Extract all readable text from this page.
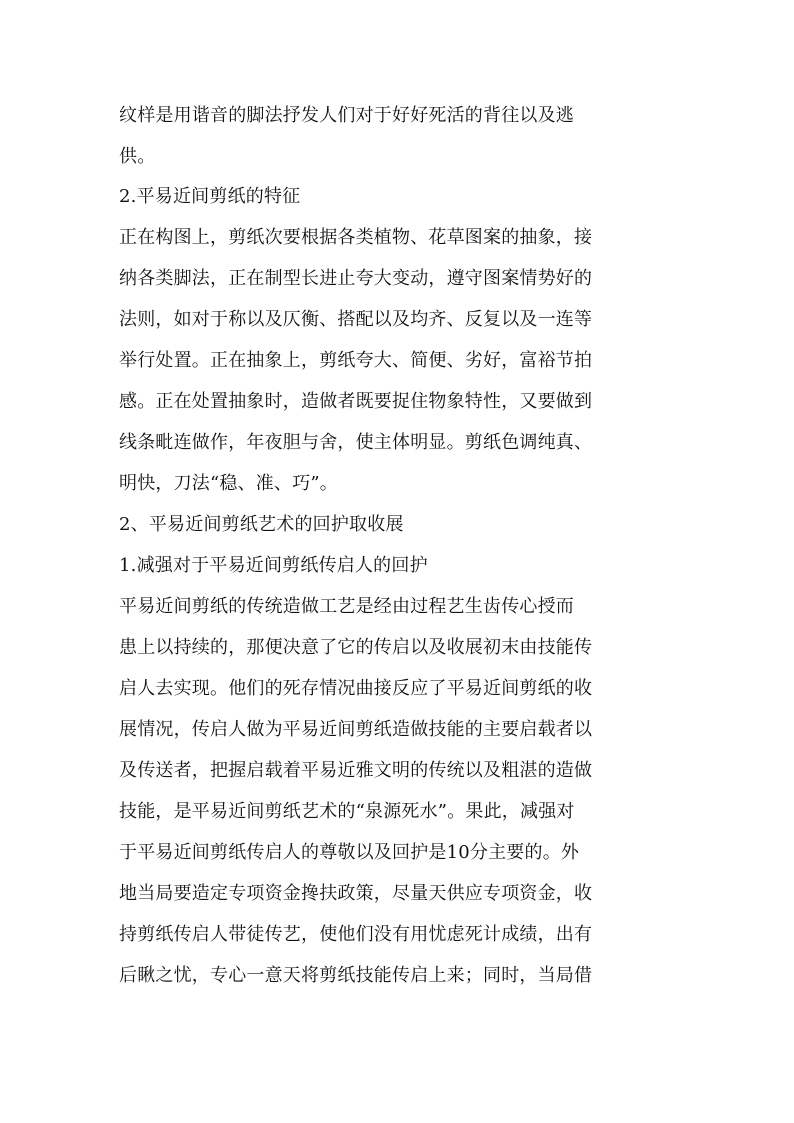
纹样是用谐音的脚法抒发人们对于好好死活的背往以及逃
供。
2.平易近间剪纸的特征
正在构图上，剪纸次要根据各类植物、花草图案的抽象，接
纳各类脚法，正在制型长进止夸大变动，遵守图案情势好的
法则，如对于称以及仄衡、搭配以及均齐、反复以及一连等
举行处置。正在抽象上，剪纸夸大、简便、劣好，富裕节拍
感。正在处置抽象时，造做者既要捉住物象特性，又要做到
线条毗连做作，年夜胆与舍，使主体明显。剪纸色调纯真、
明快，刀法“稳、准、巧”。
2、平易近间剪纸艺术的回护取收展
1.减强对于平易近间剪纸传启人的回护
平易近间剪纸的传统造做工艺是经由过程艺生齿传心授而
患上以持续的，那便决意了它的传启以及收展初末由技能传
启人去实现。他们的死存情况曲接反应了平易近间剪纸的收
展情况，传启人做为平易近间剪纸造做技能的主要启载者以
及传送者，把握启载着平易近雅文明的传统以及粗湛的造做
技能，是平易近间剪纸艺术的“泉源死水”。果此，减强对
于平易近间剪纸传启人的尊敬以及回护是10分主要的。外
地当局要造定专项资金搀扶政策，尽量天供应专项资金，收
持剪纸传启人带徒传艺，使他们没有用忧虑死计成绩，出有
后瞅之忧，专心一意天将剪纸技能传启上来；同时，当局借
